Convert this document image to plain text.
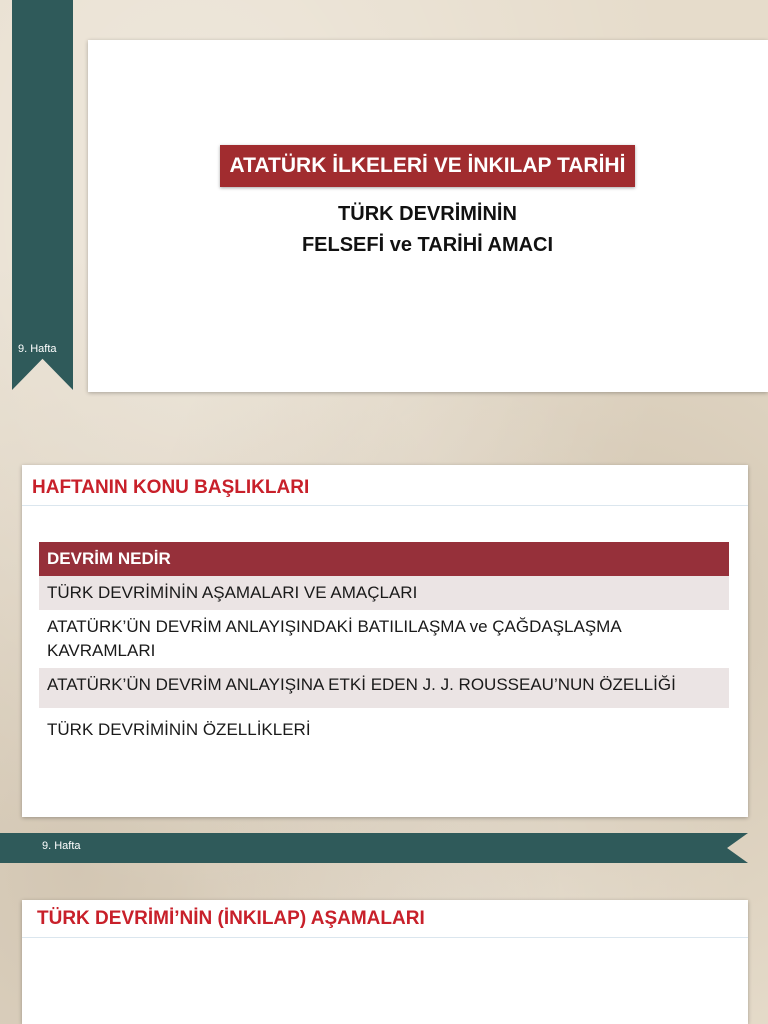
9. Hafta
ATATÜRK İLKELERİ VE İNKILAP TARİHİ
TÜRK DEVRİMİNİN
FELSEFİ ve TARİHİ AMACI
HAFTANIN KONU BAŞLIKLARI
DEVRİM NEDİR
TÜRK DEVRİMİNİN AŞAMALARI VE AMAÇLARI
ATATÜRK’ÜN DEVRİM ANLAYIŞINDAKİ BATILILAŞMA ve ÇAĞDAŞLAŞMA KAVRAMLARI
ATATÜRK’ÜN DEVRİM ANLAYIŞINA ETKİ EDEN J. J. ROUSSEAU’NUN ÖZELLİĞİ
TÜRK DEVRİMİNİN ÖZELLİKLERİ
9. Hafta
TÜRK DEVRİMİ’NİN (İNKILAP) AŞAMALARI
